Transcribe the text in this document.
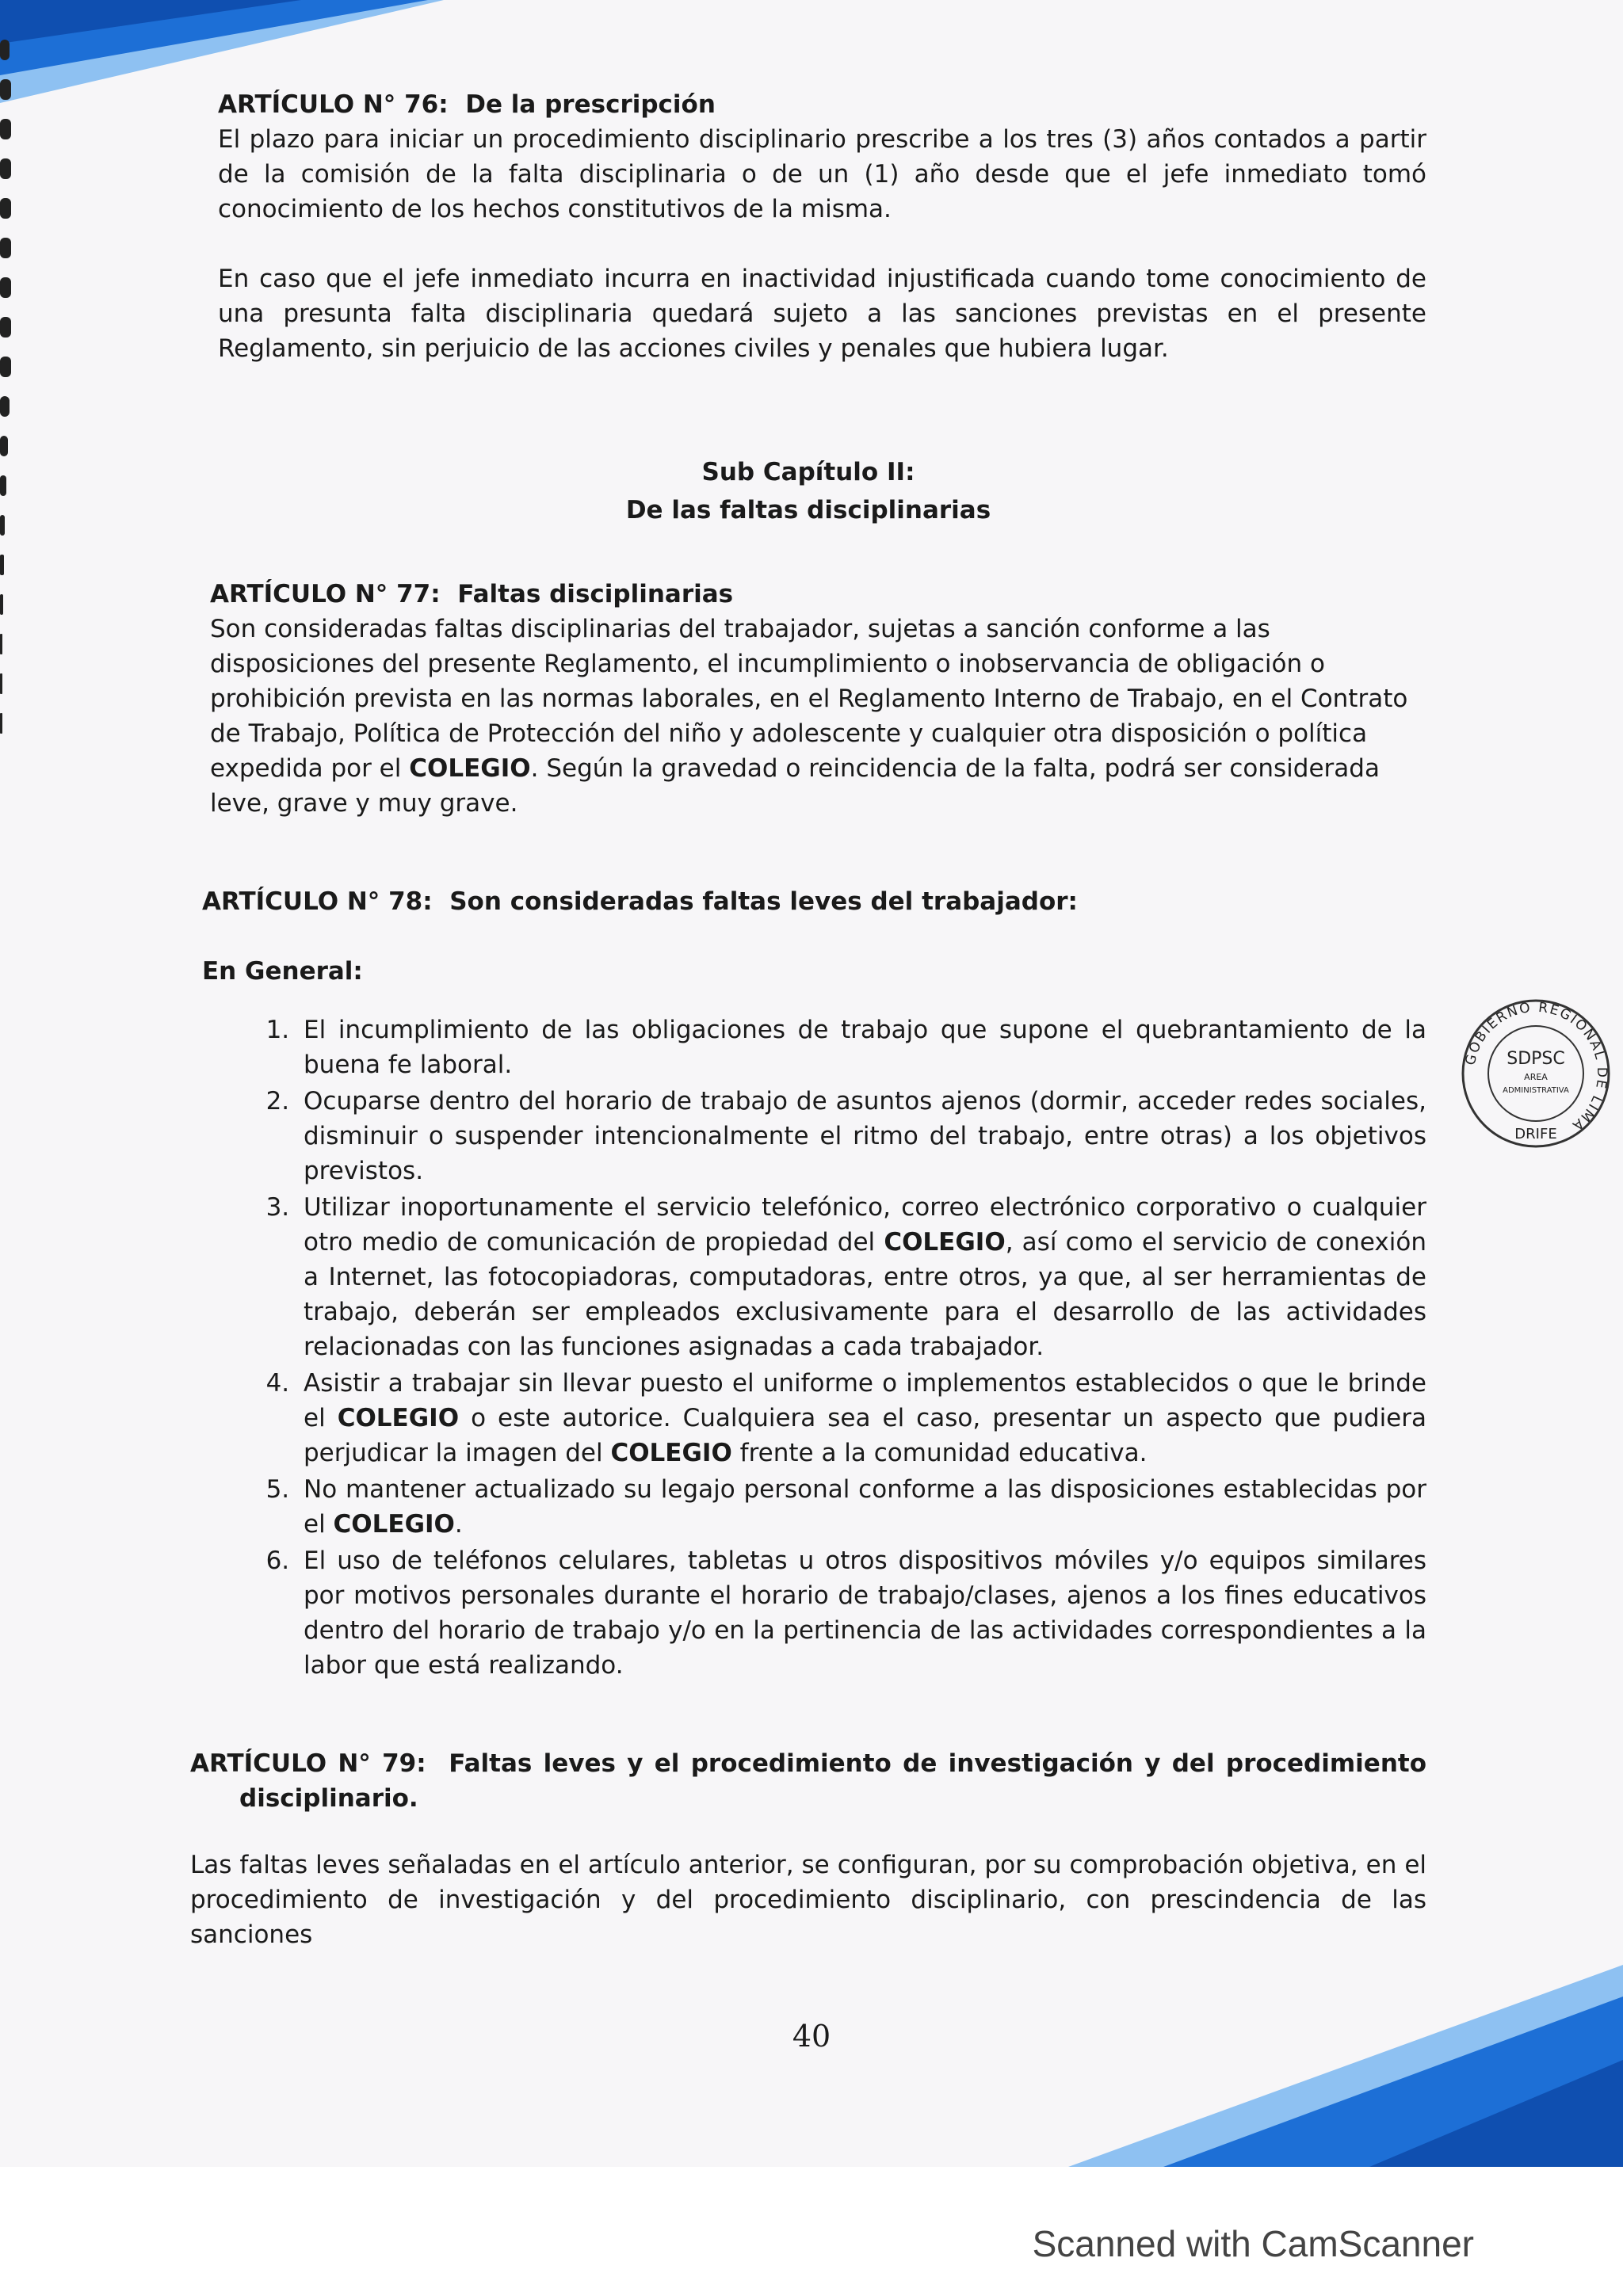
ARTÍCULO N° 76: De la prescripción

El plazo para iniciar un procedimiento disciplinario prescribe a los tres (3) años contados a partir de la comisión de la falta disciplinaria o de un (1) año desde que el jefe inmediato tomó conocimiento de los hechos constitutivos de la misma.

En caso que el jefe inmediato incurra en inactividad injustificada cuando tome conocimiento de una presunta falta disciplinaria quedará sujeto a las sanciones previstas en el presente Reglamento, sin perjuicio de las acciones civiles y penales que hubiera lugar.

Sub Capítulo II:
De las faltas disciplinarias
ARTÍCULO N° 77: Faltas disciplinarias

Son consideradas faltas disciplinarias del trabajador, sujetas a sanción conforme a las disposiciones del presente Reglamento, el incumplimiento o inobservancia de obligación o prohibición prevista en las normas laborales, en el Reglamento Interno de Trabajo, en el Contrato de Trabajo, Política de Protección del niño y adolescente y cualquier otra disposición o política expedida por el COLEGIO. Según la gravedad o reincidencia de la falta, podrá ser considerada leve, grave y muy grave.

ARTÍCULO N° 78: Son consideradas faltas leves del trabajador:
En General:
1. El incumplimiento de las obligaciones de trabajo que supone el quebrantamiento de la buena fe laboral.
2. Ocuparse dentro del horario de trabajo de asuntos ajenos (dormir, acceder redes sociales, disminuir o suspender intencionalmente el ritmo del trabajo, entre otras) a los objetivos previstos.
3. Utilizar inoportunamente el servicio telefónico, correo electrónico corporativo o cualquier otro medio de comunicación de propiedad del COLEGIO, así como el servicio de conexión a Internet, las fotocopiadoras, computadoras, entre otros, ya que, al ser herramientas de trabajo, deberán ser empleados exclusivamente para el desarrollo de las actividades relacionadas con las funciones asignadas a cada trabajador.
4. Asistir a trabajar sin llevar puesto el uniforme o implementos establecidos o que le brinde el COLEGIO o este autorice. Cualquiera sea el caso, presentar un aspecto que pudiera perjudicar la imagen del COLEGIO frente a la comunidad educativa.
5. No mantener actualizado su legajo personal conforme a las disposiciones establecidas por el COLEGIO.
6. El uso de teléfonos celulares, tabletas u otros dispositivos móviles y/o equipos similares por motivos personales durante el horario de trabajo/clases, ajenos a los fines educativos dentro del horario de trabajo y/o en la pertinencia de las actividades correspondientes a la labor que está realizando.
ARTÍCULO N° 79: Faltas leves y el procedimiento de investigación y del procedimiento disciplinario.

Las faltas leves señaladas en el artículo anterior, se configuran, por su comprobación objetiva, en el procedimiento de investigación y del procedimiento disciplinario, con prescindencia de las sanciones

GOBIERNO REGIONAL DE LIMA
SDPSC
AREA
ADMINISTRATIVA
DRIFE
40
Scanned with CamScanner
